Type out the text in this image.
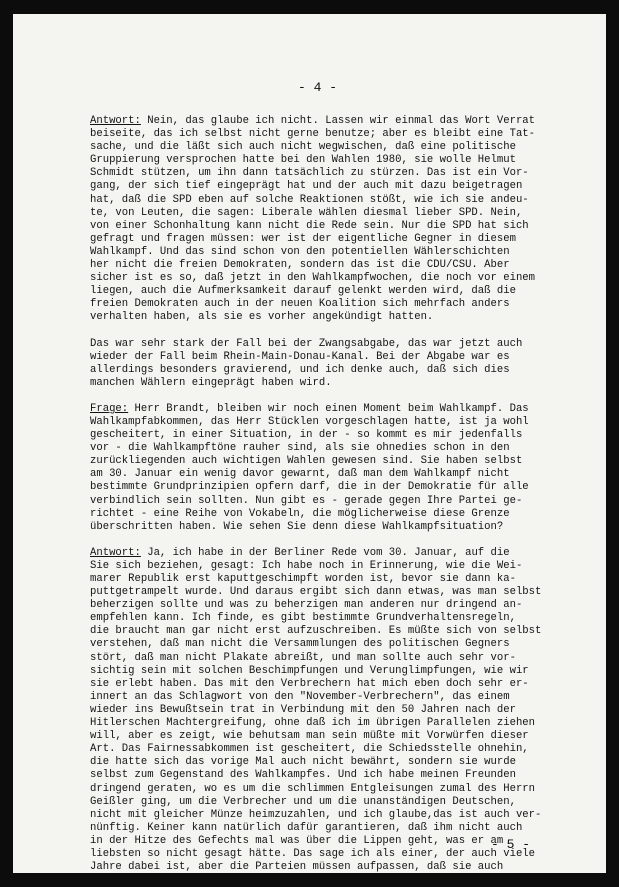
- 4 -
Antwort: Nein, das glaube ich nicht. Lassen wir einmal das Wort Verrat
beiseite, das ich selbst nicht gerne benutze; aber es bleibt eine Tat-
sache, und die läßt sich auch nicht wegwischen, daß eine politische
Gruppierung versprochen hatte bei den Wahlen 1980, sie wolle Helmut
Schmidt stützen, um ihn dann tatsächlich zu stürzen. Das ist ein Vor-
gang, der sich tief eingeprägt hat und der auch mit dazu beigetragen
hat, daß die SPD eben auf solche Reaktionen stößt, wie ich sie andeu-
te, von Leuten, die sagen: Liberale wählen diesmal lieber SPD. Nein,
von einer Schonhaltung kann nicht die Rede sein. Nur die SPD hat sich
gefragt und fragen müssen: wer ist der eigentliche Gegner in diesem
Wahlkampf. Und das sind schon von den potentiellen Wählerschichten
her nicht die freien Demokraten, sondern das ist die CDU/CSU. Aber
sicher ist es so, daß jetzt in den Wahlkampfwochen, die noch vor einem
liegen, auch die Aufmerksamkeit darauf gelenkt werden wird, daß die
freien Demokraten auch in der neuen Koalition sich mehrfach anders
verhalten haben, als sie es vorher angekündigt hatten.
Das war sehr stark der Fall bei der Zwangsabgabe, das war jetzt auch
wieder der Fall beim Rhein-Main-Donau-Kanal. Bei der Abgabe war es
allerdings besonders gravierend, und ich denke auch, daß sich dies
manchen Wählern eingeprägt haben wird.
Frage: Herr Brandt, bleiben wir noch einen Moment beim Wahlkampf. Das
Wahlkampfabkommen, das Herr Stücklen vorgeschlagen hatte, ist ja wohl
gescheitert, in einer Situation, in der - so kommt es mir jedenfalls
vor - die Wahlkampftöne rauher sind, als sie ohnedies schon in den
zurückliegenden auch wichtigen Wahlen gewesen sind. Sie haben selbst
am 30. Januar ein wenig davor gewarnt, daß man dem Wahlkampf nicht
bestimmte Grundprinzipien opfern darf, die in der Demokratie für alle
verbindlich sein sollten. Nun gibt es - gerade gegen Ihre Partei ge-
richtet - eine Reihe von Vokabeln, die möglicherweise diese Grenze
überschritten haben. Wie sehen Sie denn diese Wahlkampfsituation?
Antwort: Ja, ich habe in der Berliner Rede vom 30. Januar, auf die
Sie sich beziehen, gesagt: Ich habe noch in Erinnerung, wie die Wei-
marer Republik erst kaputtgeschimpft worden ist, bevor sie dann ka-
puttgetrampelt wurde. Und daraus ergibt sich dann etwas, was man selbst
beherzigen sollte und was zu beherzigen man anderen nur dringend an-
empfehlen kann. Ich finde, es gibt bestimmte Grundverhaltensregeln,
die braucht man gar nicht erst aufzuschreiben. Es müßte sich von selbst
verstehen, daß man nicht die Versammlungen des politischen Gegners
stört, daß man nicht Plakate abreißt, und man sollte auch sehr vor-
sichtig sein mit solchen Beschimpfungen und Verunglimpfungen, wie wir
sie erlebt haben. Das mit den Verbrechern hat mich eben doch sehr er-
innert an das Schlagwort von den "November-Verbrechern", das einem
wieder ins Bewußtsein trat in Verbindung mit den 50 Jahren nach der
Hitlerschen Machtergreifung, ohne daß ich im übrigen Parallelen ziehen
will, aber es zeigt, wie behutsam man sein müßte mit Vorwürfen dieser
Art. Das Fairnessabkommen ist gescheitert, die Schiedsstelle ohnehin,
die hatte sich das vorige Mal auch nicht bewährt, sondern sie wurde
selbst zum Gegenstand des Wahlkampfes. Und ich habe meinen Freunden
dringend geraten, wo es um die schlimmen Entgleisungen zumal des Herrn
Geißler ging, um die Verbrecher und um die unanständigen Deutschen,
nicht mit gleicher Münze heimzuzahlen, und ich glaube,das ist auch ver-
nünftig. Keiner kann natürlich dafür garantieren, daß ihm nicht auch
in der Hitze des Gefechts mal was über die Lippen geht, was er am
liebsten so nicht gesagt hätte. Das sage ich als einer, der auch viele
Jahre dabei ist, aber die Parteien müssen aufpassen, daß sie auch
- 5 -
